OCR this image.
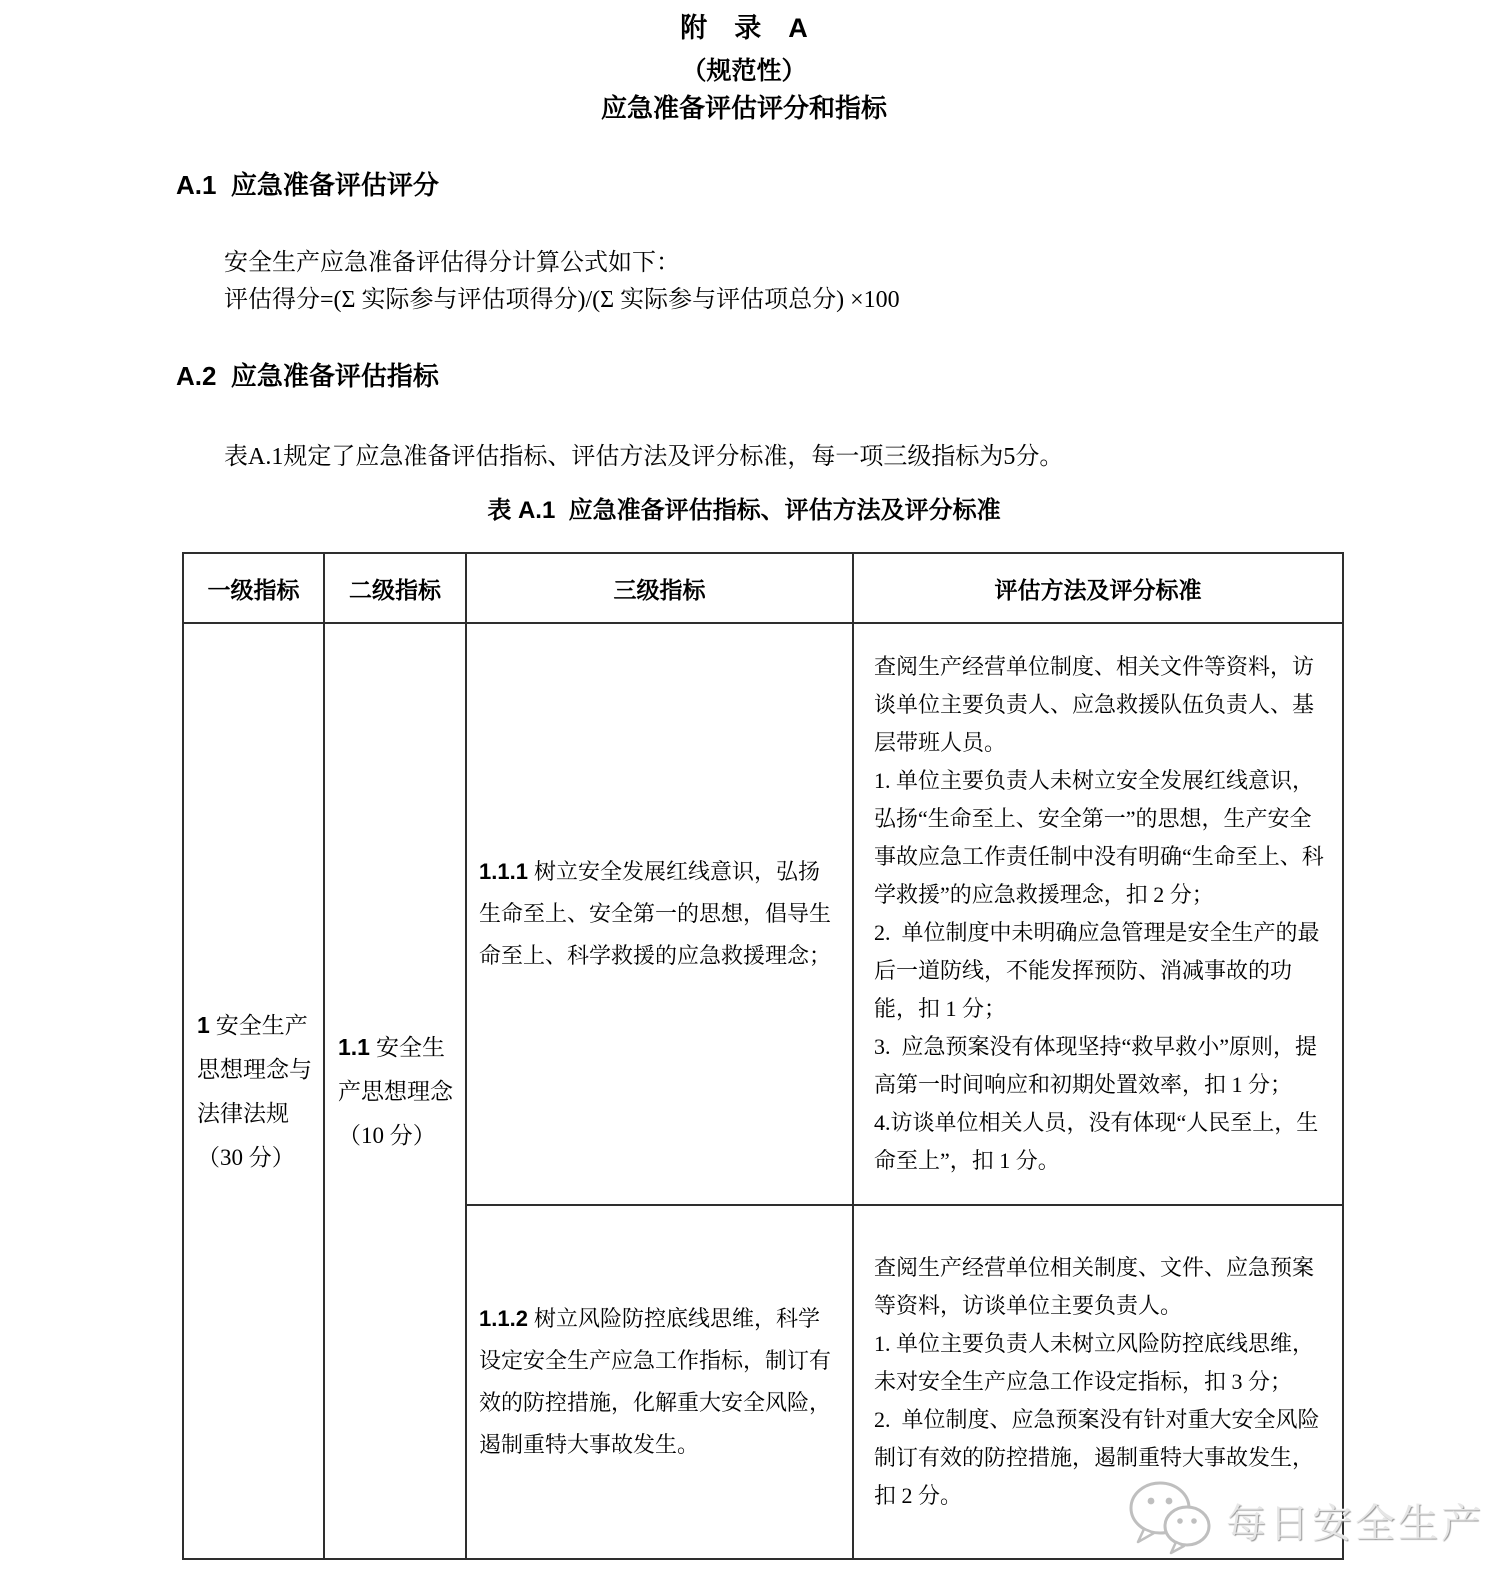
附　录　A

（规范性）

应急准备评估评分和指标

A.1  应急准备评估评分

安全生产应急准备评估得分计算公式如下：

评估得分=(Σ 实际参与评估项得分)/(Σ 实际参与评估项总分) ×100

A.2  应急准备评估指标

表A.1规定了应急准备评估指标、评估方法及评分标准，每一项三级指标为5分。

表 A.1  应急准备评估指标、评估方法及评分标准
一级指标	二级指标	三级指标	评估方法及评分标准
1 安全生产思想理念与法律法规（30 分）	1.1 安全生产思想理念（10 分）	1.1.1 树立安全发展红线意识，弘扬生命至上、安全第一的思想，倡导生命至上、科学救援的应急救援理念；	查阅生产经营单位制度、相关文件等资料，访谈单位主要负责人、应急救援队伍负责人、基层带班人员。

1. 单位主要负责人未树立安全发展红线意识，弘扬“生命至上、安全第一”的思想，生产安全事故应急工作责任制中没有明确“生命至上、科学救援”的应急救援理念，扣 2 分；

2.  单位制度中未明确应急管理是安全生产的最后一道防线，不能发挥预防、消减事故的功能，扣 1 分；

3.  应急预案没有体现坚持“救早救小”原则，提高第一时间响应和初期处置效率，扣 1 分；

4.访谈单位相关人员，没有体现“人民至上，生命至上”，扣 1 分。

		1.1.2 树立风险防控底线思维，科学设定安全生产应急工作指标，制订有效的防控措施，化解重大安全风险，遏制重特大事故发生。	查阅生产经营单位相关制度、文件、应急预案等资料，访谈单位主要负责人。

1. 单位主要负责人未树立风险防控底线思维，未对安全生产应急工作设定指标，扣 3 分；

2.  单位制度、应急预案没有针对重大安全风险制订有效的防控措施，遏制重特大事故发生，扣 2 分。

每日安全生产
